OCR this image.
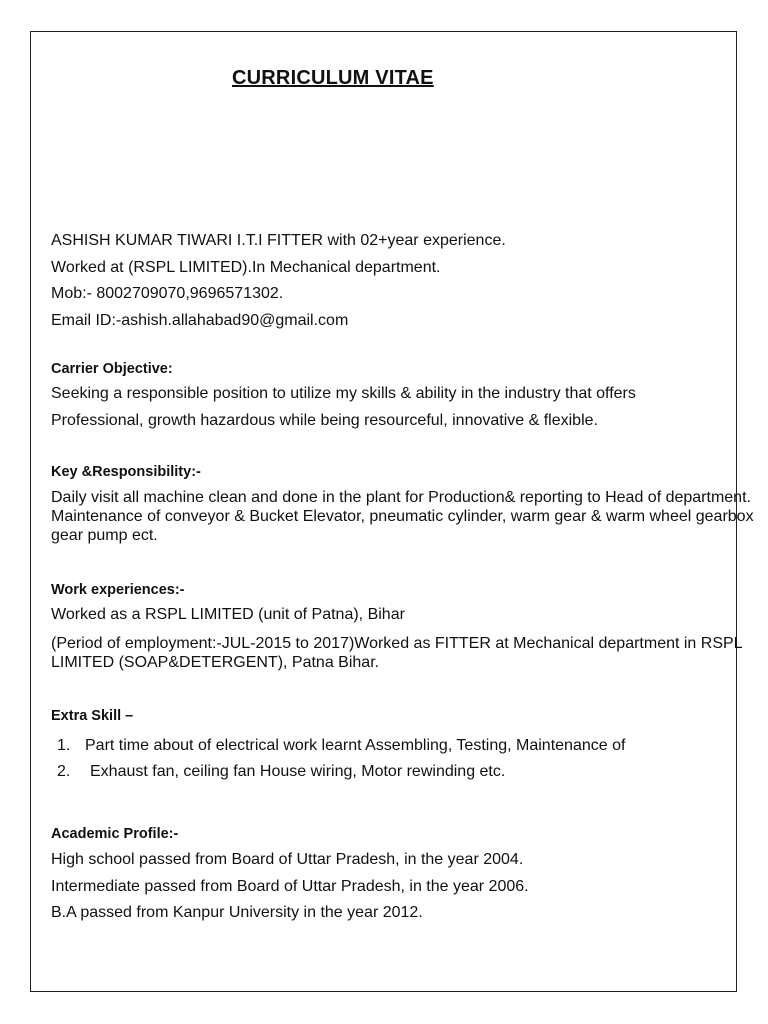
CURRICULUM VITAE
ASHISH KUMAR TIWARI I.T.I FITTER with 02+year experience.
Worked at (RSPL LIMITED).In Mechanical department.
Mob:- 8002709070,9696571302.
Email ID:-ashish.allahabad90@gmail.com
Carrier Objective:
Seeking a responsible position to utilize my skills & ability in the industry that offers
Professional, growth hazardous while being resourceful, innovative & flexible.
Key &Responsibility:-
Daily visit all machine clean and done in the plant for Production& reporting to Head of department. Maintenance of conveyor & Bucket Elevator, pneumatic cylinder, warm gear & warm wheel gearbox gear pump ect.
Work experiences:-
Worked as a RSPL LIMITED (unit of Patna), Bihar
(Period of employment:-JUL-2015 to 2017)Worked as FITTER at Mechanical department in RSPL LIMITED (SOAP&DETERGENT), Patna Bihar.
Extra Skill –
1. Part time about of electrical work learnt Assembling, Testing, Maintenance of
2. Exhaust fan, ceiling fan House wiring, Motor rewinding etc.
Academic Profile:-
High school passed from Board of Uttar Pradesh, in the year 2004.
Intermediate passed from Board of Uttar Pradesh, in the year 2006.
B.A passed from Kanpur University in the year 2012.
